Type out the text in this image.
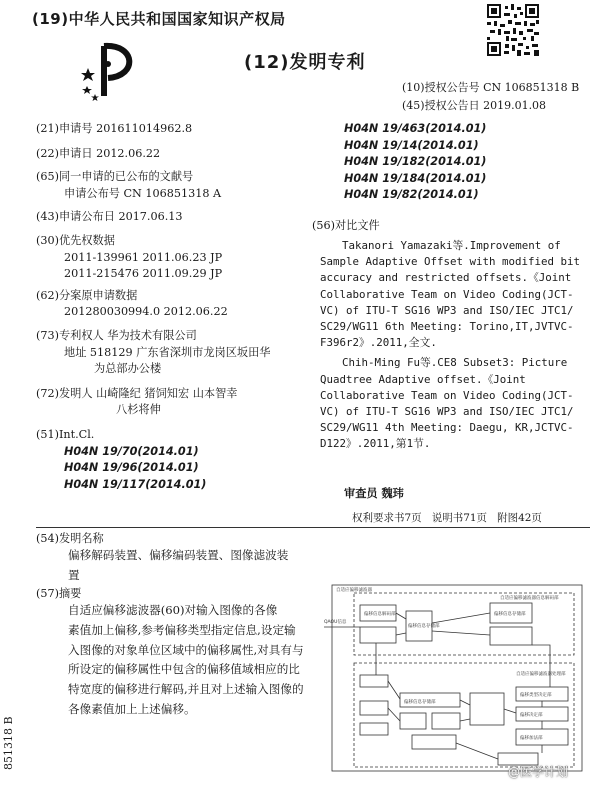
(19)中华人民共和国国家知识产权局
(12)发明专利
(10)授权公告号 CN 106851318 B
(45)授权公告日 2019.01.08
(21)申请号 201611014962.8
(22)申请日 2012.06.22
(65)同一申请的已公布的文献号
申请公布号 CN 106851318 A
(43)申请公布日 2017.06.13
(30)优先权数据
2011-139961 2011.06.23 JP
2011-215476 2011.09.29 JP
(62)分案原申请数据
201280030994.0 2012.06.22
(73)专利权人 华为技术有限公司
地址 518129 广东省深圳市龙岗区坂田华
为总部办公楼
(72)发明人 山崎隆纪 猪饲知宏 山本智幸
八杉将伸
(51)Int.Cl.
H04N 19/70(2014.01)
H04N 19/96(2014.01)
H04N 19/117(2014.01)
H04N 19/463(2014.01)
H04N 19/14(2014.01)
H04N 19/182(2014.01)
H04N 19/184(2014.01)
H04N 19/82(2014.01)
(56)对比文件
Takanori Yamazaki等.Improvement of
Sample Adaptive Offset with modified bit
accuracy and restricted offsets.《Joint
Collaborative Team on Video Coding(JCT-
VC) of ITU-T SG16 WP3 and ISO/IEC JTC1/
SC29/WG11 6th Meeting: Torino,IT,JVTVC-
F396r2》.2011,全文.
Chih-Ming Fu等.CE8 Subset3: Picture
Quadtree Adaptive offset.《Joint
Collaborative Team on Video Coding(JCT-
VC) of ITU-T SG16 WP3 and ISO/IEC JTC1/
SC29/WG11 4th Meeting: Daegu, KR,JCTVC-
D122》.2011,第1节.
审查员 魏玮
权利要求书7页   说明书71页   附图42页
(54)发明名称
偏移解码装置、偏移编码装置、图像滤波装
置
(57)摘要
自适应偏移滤波器(60)对输入图像的各像
素值加上偏移,参考偏移类型指定信息,设定输
入图像的对象单位区域中的偏移属性,对具有与
所设定的偏移属性中包含的偏移值域相应的比
特宽度的偏移进行解码,并且对上述输入图像的
各像素值加上上述偏移。
851318 B
自适应偏移滤波器
自适应偏移滤波器信息解码部
偏移信息存储部
偏移信息解码部
偏移信息存储部
偏移信息存储部
自适应偏移滤波器处理部
偏移类型决定部
偏移决定部
偏移加法部
QAOU信息
@医学计划
